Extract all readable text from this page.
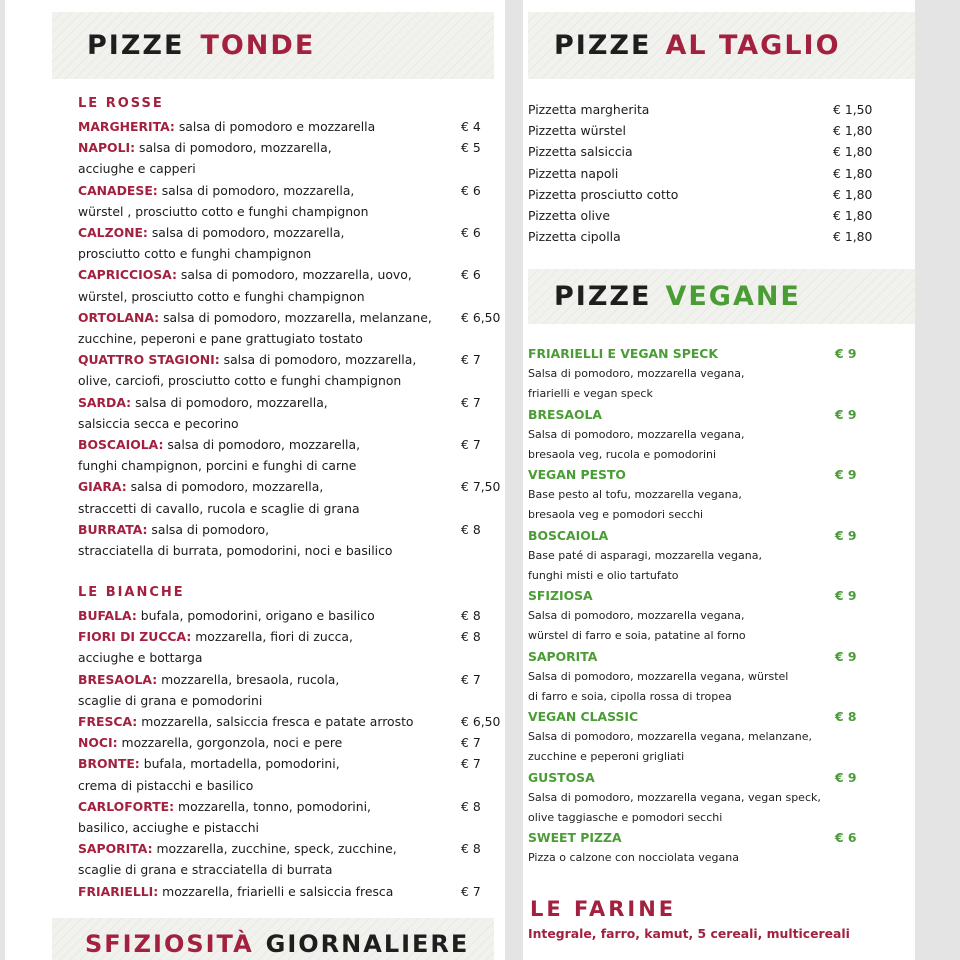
PIZZE TONDE
LE ROSSE
MARGHERITA: salsa di pomodoro e mozzarella	€ 4
NAPOLI: salsa di pomodoro, mozzarella,	€ 5
acciughe e capperi
CANADESE: salsa di pomodoro, mozzarella,	€ 6
würstel , prosciutto cotto e funghi champignon
CALZONE: salsa di pomodoro, mozzarella,	€ 6
prosciutto cotto e funghi champignon
CAPRICCIOSA: salsa di pomodoro, mozzarella, uovo,	€ 6
würstel, prosciutto cotto e funghi champignon
ORTOLANA: salsa di pomodoro, mozzarella, melanzane, € 6,50
zucchine, peperoni e pane grattugiato tostato
QUATTRO STAGIONI: salsa di pomodoro, mozzarella,	€ 7
olive, carciofi, prosciutto cotto e funghi champignon
SARDA: salsa di pomodoro, mozzarella,	€ 7
salsiccia secca e pecorino
BOSCAIOLA: salsa di pomodoro, mozzarella,	€ 7
funghi champignon, porcini e funghi di carne
GIARA: salsa di pomodoro, mozzarella,	€ 7,50
straccetti di cavallo, rucola e scaglie di grana
BURRATA: salsa di pomodoro,	€ 8
stracciatella di burrata, pomodorini, noci e basilico
LE BIANCHE
BUFALA: bufala, pomodorini, origano e basilico	€ 8
FIORI DI ZUCCA: mozzarella, fiori di zucca,	€ 8
acciughe e bottarga
BRESAOLA: mozzarella, bresaola, rucola,	€ 7
scaglie di grana e pomodorini
FRESCA: mozzarella, salsiccia fresca e patate arrosto	€ 6,50
NOCI: mozzarella, gorgonzola, noci e pere	€ 7
BRONTE: bufala, mortadella, pomodorini,	€ 7
crema di pistacchi e basilico
CARLOFORTE: mozzarella, tonno, pomodorini,	€ 8
basilico, acciughe e pistacchi
SAPORITA: mozzarella, zucchine, speck, zucchine,	€ 8
scaglie di grana e stracciatella di burrata
FRIARIELLI: mozzarella, friarielli e salsiccia fresca	€ 7
SFIZIOSITÀ GIORNALIERE
PIZZE AL TAGLIO
Pizzetta margherita	€ 1,50
Pizzetta würstel	€ 1,80
Pizzetta salsiccia	€ 1,80
Pizzetta napoli	€ 1,80
Pizzetta prosciutto cotto	€ 1,80
Pizzetta olive	€ 1,80
Pizzetta cipolla	€ 1,80
PIZZE VEGANE
FRIARIELLI E VEGAN SPECK	€ 9
Salsa di pomodoro, mozzarella vegana,
friarielli e vegan speck
BRESAOLA	€ 9
Salsa di pomodoro, mozzarella vegana,
bresaola veg, rucola e pomodorini
VEGAN PESTO	€ 9
Base pesto al tofu, mozzarella vegana,
bresaola veg e pomodori secchi
BOSCAIOLA	€ 9
Base paté di asparagi, mozzarella vegana,
funghi misti e olio tartufato
SFIZIOSA	€ 9
Salsa di pomodoro, mozzarella vegana,
würstel di farro e soia, patatine al forno
SAPORITA	€ 9
Salsa di pomodoro, mozzarella vegana, würstel
di farro e soia, cipolla rossa di tropea
VEGAN CLASSIC	€ 8
Salsa di pomodoro, mozzarella vegana, melanzane,
zucchine e peperoni grigliati
GUSTOSA	€ 9
Salsa di pomodoro, mozzarella vegana, vegan speck,
olive taggiasche e pomodori secchi
SWEET PIZZA	€ 6
Pizza o calzone con nocciolata vegana
LE FARINE
Integrale, farro, kamut, 5 cereali, multicereali
